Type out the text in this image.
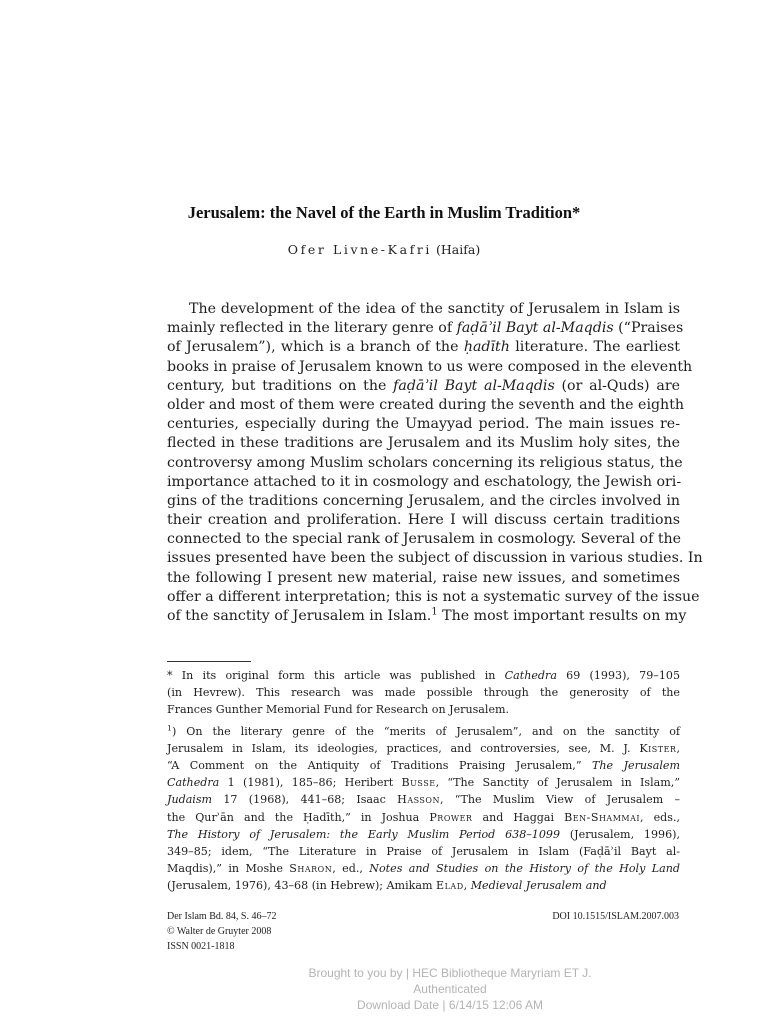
Jerusalem: the Navel of the Earth in Muslim Tradition*
Ofer Livne-Kafri (Haifa)
The development of the idea of the sanctity of Jerusalem in Islam is
mainly reflected in the literary genre of faḍāʾil Bayt al-Maqdis (“Praises
of Jerusalem”), which is a branch of the ḥadīth literature. The earliest
books in praise of Jerusalem known to us were composed in the eleventh
century, but traditions on the faḍāʾil Bayt al-Maqdis (or al-Quds) are
older and most of them were created during the seventh and the eighth
centuries, especially during the Umayyad period. The main issues re-
flected in these traditions are Jerusalem and its Muslim holy sites, the
controversy among Muslim scholars concerning its religious status, the
importance attached to it in cosmology and eschatology, the Jewish ori-
gins of the traditions concerning Jerusalem, and the circles involved in
their creation and proliferation. Here I will discuss certain traditions
connected to the special rank of Jerusalem in cosmology. Several of the
issues presented have been the subject of discussion in various studies. In
the following I present new material, raise new issues, and sometimes
offer a different interpretation; this is not a systematic survey of the issue
of the sanctity of Jerusalem in Islam.$^1$ The most important results on my
* In its original form this article was published in Cathedra 69 (1993), 79–105
(in Hevrew). This research was made possible through the generosity of the
Frances Gunther Memorial Fund for Research on Jerusalem.
$^1$) On the literary genre of the “merits of Jerusalem”, and on the sanctity of
Jerusalem in Islam, its ideologies, practices, and controversies, see, M. J. Kister,
“A Comment on the Antiquity of Traditions Praising Jerusalem,” The Jerusalem
Cathedra 1 (1981), 185–86; Heribert Busse, “The Sanctity of Jerusalem in Islam,”
Judaism 17 (1968), 441–68; Isaac Hasson, “The Muslim View of Jerusalem –
the Qurʾān and the Ḥadīth,” in Joshua Prower and Haggai Ben-Shammai, eds.,
The History of Jerusalem: the Early Muslim Period 638–1099 (Jerusalem, 1996),
349–85; idem, “The Literature in Praise of Jerusalem in Islam (Faḍāʾil Bayt al-
Maqdis),” in Moshe Sharon, ed., Notes and Studies on the History of the Holy Land
(Jerusalem, 1976), 43–68 (in Hebrew); Amikam Elad, Medieval Jerusalem and
Der Islam Bd. 84, S. 46–72
© Walter de Gruyter 2008
ISSN 0021-1818
DOI 10.1515/ISLAM.2007.003
Brought to you by | HEC Bibliotheque Maryriam ET J.
Authenticated
Download Date | 6/14/15 12:06 AM
